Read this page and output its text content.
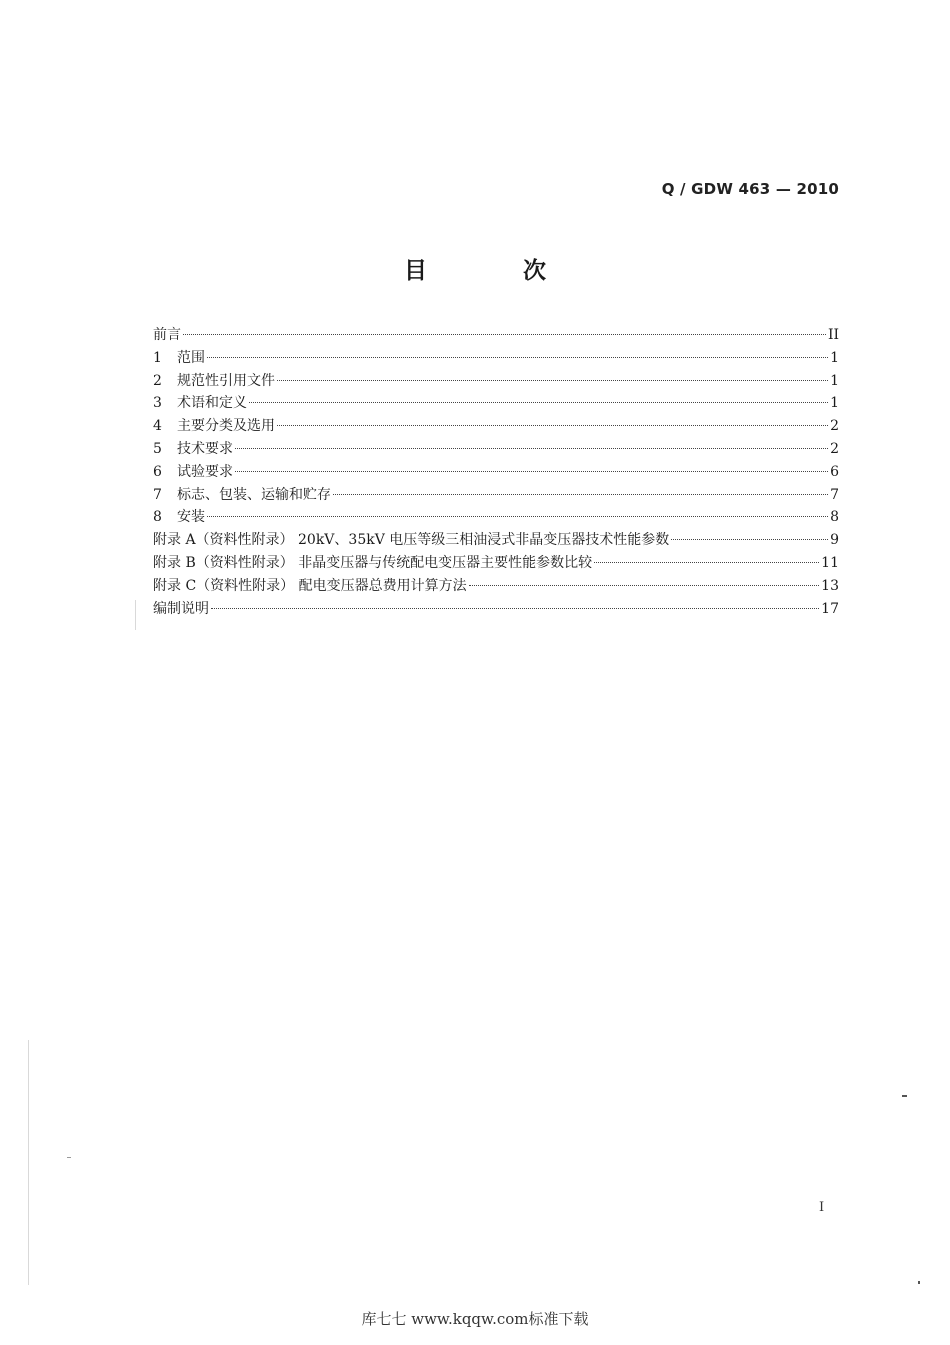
Q / GDW 463 — 2010
目 次
前言	II
1	范围	1
2	规范性引用文件	1
3	术语和定义	1
4	主要分类及选用	2
5	技术要求	2
6	试验要求	6
7	标志、包装、运输和贮存	7
8	安装	8
附录 A（资料性附录） 20kV、35kV 电压等级三相油浸式非晶变压器技术性能参数	9
附录 B（资料性附录） 非晶变压器与传统配电变压器主要性能参数比较	11
附录 C（资料性附录） 配电变压器总费用计算方法	13
编制说明	17
I
库七七 www.kqqw.com标准下载
